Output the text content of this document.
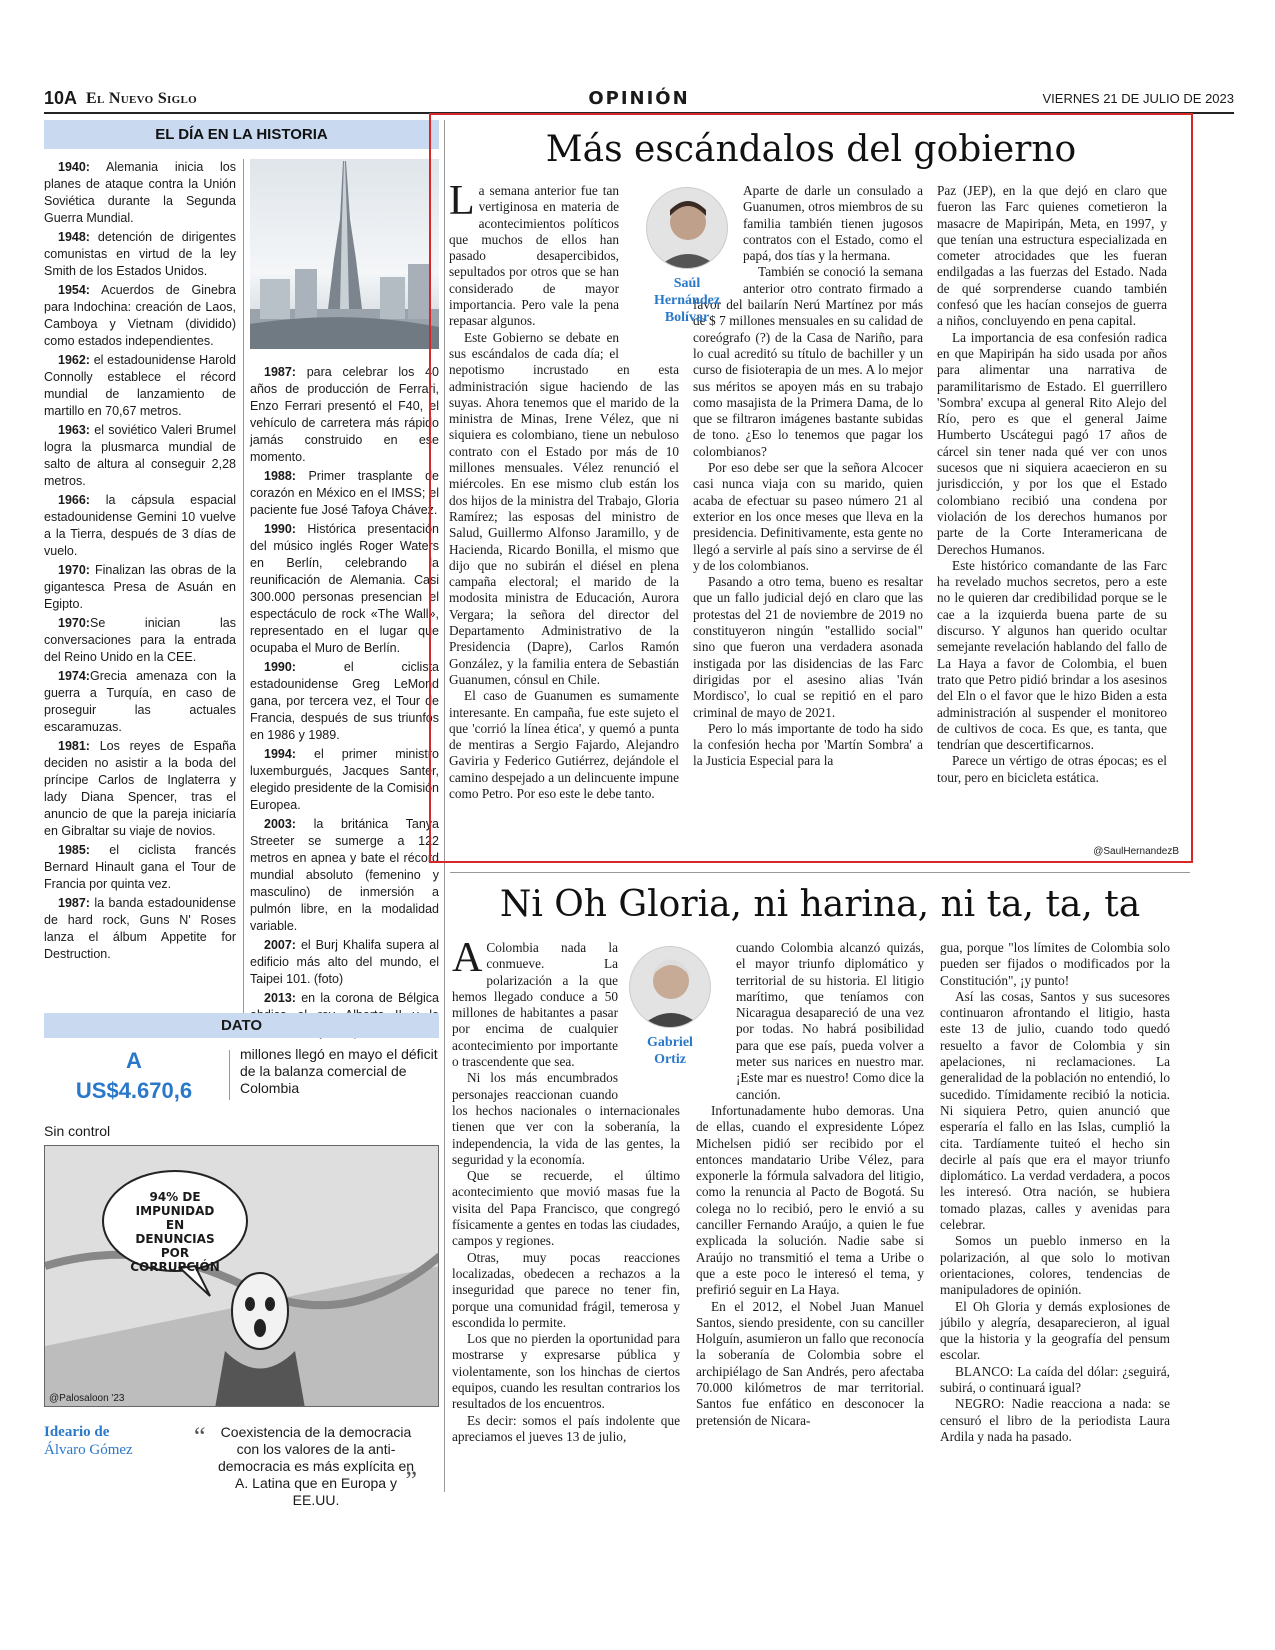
10A El Nuevo Siglo	OPINIÓN	VIERNES 21 DE JULIO DE 2023
EL DÍA EN LA HISTORIA

1940: Alemania inicia los planes de ataque contra la Unión Soviética durante la Segunda Guerra Mundial.

1948: detención de dirigentes comunistas en virtud de la ley Smith de los Estados Unidos.

1954: Acuerdos de Ginebra para Indochina: creación de Laos, Camboya y Vietnam (dividido) como estados independientes.

1962: el estadounidense Harold Connolly establece el récord mundial de lanzamiento de martillo en 70,67 metros.

1963: el soviético Valeri Brumel logra la plusmarca mundial de salto de altura al conseguir 2,28 metros.

1966: la cápsula espacial estadounidense Gemini 10 vuelve a la Tierra, después de 3 días de vuelo.

1970: Finalizan las obras de la gigantesca Presa de Asuán en Egipto.

1970:Se inician las conversaciones para la entrada del Reino Unido en la CEE.

1974:Grecia amenaza con la guerra a Turquía, en caso de proseguir las actuales escaramuzas.

1981: Los reyes de España deciden no asistir a la boda del príncipe Carlos de Inglaterra y lady Diana Spencer, tras el anuncio de que la pareja iniciaría en Gibraltar su viaje de novios.

1985: el ciclista francés Bernard Hinault gana el Tour de Francia por quinta vez.

1987: la banda estadounidense de hard rock, Guns N' Roses lanza el álbum Appetite for Destruction.

1987: para celebrar los 40 años de producción de Ferrari, Enzo Ferrari presentó el F40, el vehículo de carretera más rápido jamás construido en ese momento.

1988: Primer trasplante de corazón en México en el IMSS; el paciente fue José Tafoya Chávez.

1990: Histórica presentación del músico inglés Roger Waters en Berlín, celebrando la reunificación de Alemania. Casi 300.000 personas presencian el espectáculo de rock «The Wall», representado en el lugar que ocupaba el Muro de Berlín.

1990: el ciclista estadounidense Greg LeMond gana, por tercera vez, el Tour de Francia, después de sus triunfos en 1986 y 1989.

1994: el primer ministro luxemburgués, Jacques Santer, elegido presidente de la Comisión Europea.

2003: la británica Tanya Streeter se sumerge a 122 metros en apnea y bate el récord mundial absoluto (femenino y masculino) de inmersión a pulmón libre, en la modalidad variable.

2007: el Burj Khalifa supera al edificio más alto del mundo, el Taipei 101. (foto)

2013: en la corona de Bélgica

DATO
A
US$4.670,6
millones llegó en mayo el déficit de la balanza comercial de Colombia
Sin control
94% DE IMPUNIDAD EN DENUNCIAS POR CORRUPCIÓN
@Palosaloon '23
Ideario de
Álvaro Gómez “	Coexistencia de la democracia con los valores de la anti-democracia es más explícita en A. Latina que en Europa y EE.UU.
”
Más escándalos del gobierno

La semana anterior fue tan vertiginosa en materia de acontecimientos políticos que muchos de ellos han pasado desapercibidos, sepultados por otros que se han considerado de mayor importancia. Pero vale la pena repasar algunos.

Este Gobierno se debate en sus escándalos de cada día; el nepotismo incrustado en esta administración sigue haciendo de las suyas. Ahora tenemos que el marido de la ministra de Minas, Irene Vélez, que ni siquiera es colombiano, tiene un nebuloso contrato con el Estado por más de 10 millones mensuales. Vélez renunció el miércoles. En ese mismo club están los dos hijos de la ministra del Trabajo, Gloria Ramírez; las esposas del ministro de Salud, Guillermo Alfonso Jaramillo, y de Hacienda, Ricardo Bonilla, el mismo que dijo que no subirán el diésel en plena campaña electoral; el marido de la modosita ministra de Educación, Aurora Vergara; la señora del director del Departamento Administrativo de la Presidencia (Dapre), Carlos Ramón González, y la familia entera de Sebastián Guanumen, cónsul en Chile.

El caso de Guanumen es sumamente interesante. En campaña, fue este sujeto el que 'corrió la línea ética', y quemó a punta de mentiras a Sergio Fajardo, Alejandro Gaviria y Federico Gutiérrez, dejándole el camino despejado a un delincuente impune como Petro. Por eso este le debe tanto.

Aparte de darle un consulado a Guanumen, otros miembros de su familia también tienen jugosos contratos con el Estado, como el papá, dos tías y la hermana.

También se conoció la semana anterior otro contrato firmado a favor del bailarín Nerú Martínez por más de $ 7 millones mensuales en su calidad de coreógrafo (?) de la Casa de Nariño, para lo cual acreditó su título de bachiller y un curso de fisioterapia de un mes. A lo mejor sus méritos se apoyen más en su trabajo como masajista de la Primera Dama, de lo que se filtraron imágenes bastante subidas de tono. ¿Eso lo tenemos que pagar los colombianos?

Por eso debe ser que la señora Alcocer casi nunca viaja con su marido, quien acaba de efectuar su paseo número 21 al exterior en los once meses que lleva en la presidencia. Definitivamente, esta gente no llegó a servirle al país sino a servirse de él y de los colombianos.

Pasando a otro tema, bueno es resaltar que un fallo judicial dejó en claro que las protestas del 21 de noviembre de 2019 no constituyeron ningún "estallido social" sino que fueron una verdadera asonada instigada por las disidencias de las Farc dirigidas por el asesino alias 'Iván Mordisco', lo cual se repitió en el paro criminal de mayo de 2021.

Pero lo más importante de todo ha sido la confesión hecha por 'Martín Sombra' a la Justicia Especial para la

Paz (JEP), en la que dejó en claro que fueron las Farc quienes cometieron la masacre de Mapiripán, Meta, en 1997, y que tenían una estructura especializada en cometer atrocidades que les fueran endilgadas a las fuerzas del Estado. Nada de qué sorprenderse cuando también confesó que les hacían consejos de guerra a niños, concluyendo en pena capital.

La importancia de esa confesión radica en que Mapiripán ha sido usada por años para alimentar una narrativa de paramilitarismo de Estado. El guerrillero 'Sombra' excupa al general Rito Alejo del Río, pero es que el general Jaime Humberto Uscátegui pagó 17 años de cárcel sin tener nada qué ver con unos sucesos que ni siquiera acaecieron en su jurisdicción, y por los que el Estado colombiano recibió una condena por violación de los derechos humanos por parte de la Corte Interamericana de Derechos Humanos.

Este histórico comandante de las Farc ha revelado muchos secretos, pero a este no le quieren dar credibilidad porque se le cae a la izquierda buena parte de su discurso. Y algunos han querido ocultar semejante revelación hablando del fallo de La Haya a favor de Colombia, el buen trato que Petro pidió brindar a los asesinos del Eln o el favor que le hizo Biden a esta administración al suspender el monitoreo de cultivos de coca. Es que, es tanta, que tendrían que descertificarnos.

Parece un vértigo de otras épocas; es el tour, pero en bicicleta estática.

Saúl
Hernández
Bolívar
@SaulHernandezB
Ni Oh Gloria, ni harina, ni ta, ta, ta

A Colombia nada la conmueve. La polarización a la que hemos llegado conduce a 50 millones de habitantes a pasar por encima de cualquier acontecimiento por importante o trascendente que sea.

Ni los más encumbrados personajes reaccionan cuando los hechos nacionales o internacionales tienen que ver con la soberanía, la independencia, la vida de las gentes, la seguridad y la economía.

Que se recuerde, el último acontecimiento que movió masas fue la visita del Papa Francisco, que congregó físicamente a gentes en todas las ciudades, campos y regiones.

Otras, muy pocas reacciones localizadas, obedecen a rechazos a la inseguridad que parece no tener fin, porque una comunidad frágil, temerosa y escondida lo permite.

Los que no pierden la oportunidad para mostrarse y expresarse pública y violentamente, son los hinchas de ciertos equipos, cuando les resultan contrarios los resultados de los encuentros.

Es decir: somos el país indolente que apreciamos el jueves 13 de julio,

cuando Colombia alcanzó quizás, el mayor triunfo diplomático y territorial de su historia. El litigio marítimo, que teníamos con Nicaragua desapareció de una vez por todas. No habrá posibilidad para que ese país, pueda volver a meter sus narices en nuestro mar. ¡Este mar es nuestro! Como dice la canción.

Infortunadamente hubo demoras. Una de ellas, cuando el expresidente López Michelsen pidió ser recibido por el entonces mandatario Uribe Vélez, para exponerle la fórmula salvadora del litigio, como la renuncia al Pacto de Bogotá. Su colega no lo recibió, pero le envió a su canciller Fernando Araújo, a quien le fue explicada la solución. Nadie sabe si Araújo no transmitió el tema a Uribe o que a este poco le interesó el tema, y prefirió seguir en La Haya.

En el 2012, el Nobel Juan Manuel Santos, siendo presidente, con su canciller Holguín, asumieron un fallo que reconocía la soberanía de Colombia sobre el archipiélago de San Andrés, pero afectaba 70.000 kilómetros de mar territorial. Santos fue enfático en desconocer la pretensión de Nicara-

gua, porque "los límites de Colombia solo pueden ser fijados o modificados por la Constitución", ¡y punto!

Así las cosas, Santos y sus sucesores continuaron afrontando el litigio, hasta este 13 de julio, cuando todo quedó resuelto a favor de Colombia y sin apelaciones, ni reclamaciones. La generalidad de la población no entendió, lo sucedido. Tímidamente recibió la noticia. Ni siquiera Petro, quien anunció que esperaría el fallo en las Islas, cumplió la cita. Tardíamente tuiteó el hecho sin decirle al país que era el mayor triunfo diplomático. La verdad verdadera, a pocos les interesó. Otra nación, se hubiera tomado plazas, calles y avenidas para celebrar.

Somos un pueblo inmerso en la polarización, al que solo lo motivan orientaciones, colores, tendencias de manipuladores de opinión.

El Oh Gloria y demás explosiones de júbilo y alegría, desaparecieron, al igual que la historia y la geografía del pensum escolar.

BLANCO: La caída del dólar: ¿seguirá, subirá, o continuará igual?

NEGRO: Nadie reacciona a nada: se censuró el libro de la periodista Laura Ardila y nada ha pasado.

Gabriel
Ortiz
